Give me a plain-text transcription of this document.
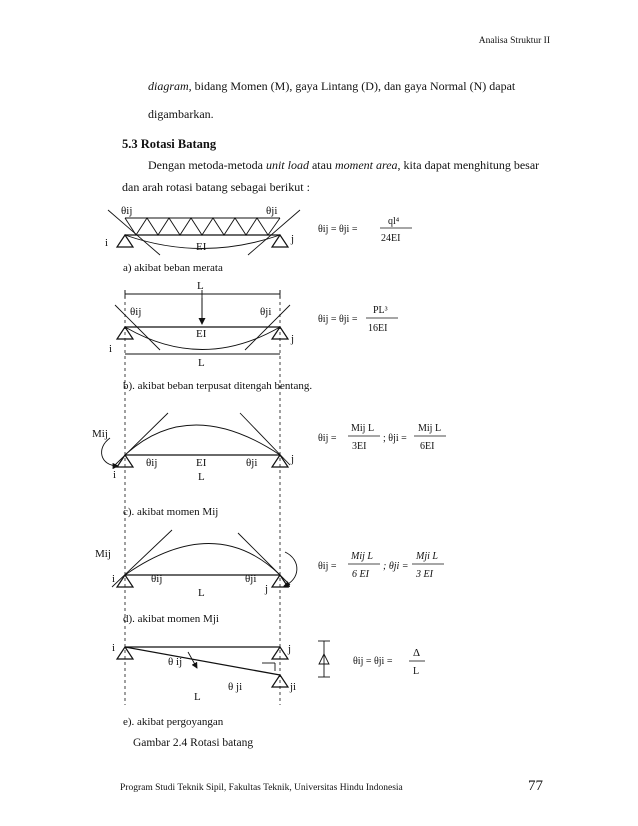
Analisa Struktur II
diagram, bidang Momen (M), gaya Lintang (D), dan gaya Normal (N) dapat
digambarkan.
5.3 Rotasi Batang
Dengan metoda-metoda unit load atau moment area, kita dapat menghitung besar
dan arah rotasi batang sebagai berikut :
θij	θji
i	j
EI
θij = θji =
ql⁴
24EI
L
θij	θji
i
j
EI
L
θij = θji =
PL³
16EI
Mij
θij	θji
EI
i
j
L
θij =
Mij L
3EI
; θji =
Mij L
6EI
Mij
θij	θji
i
j
L
θij =
Mij L
6 EI
; θji =
Mji L
3 EI
i	j
ji
θ ij
θ ji
L
θij = θji =
Δ
L
a) akibat beban merata
b). akibat beban terpusat ditengah bentang.
c). akibat momen Mij
d). akibat momen Mji
e). akibat pergoyangan
Gambar 2.4 Rotasi batang
Program Studi Teknik Sipil, Fakultas Teknik, Universitas Hindu Indonesia	77
